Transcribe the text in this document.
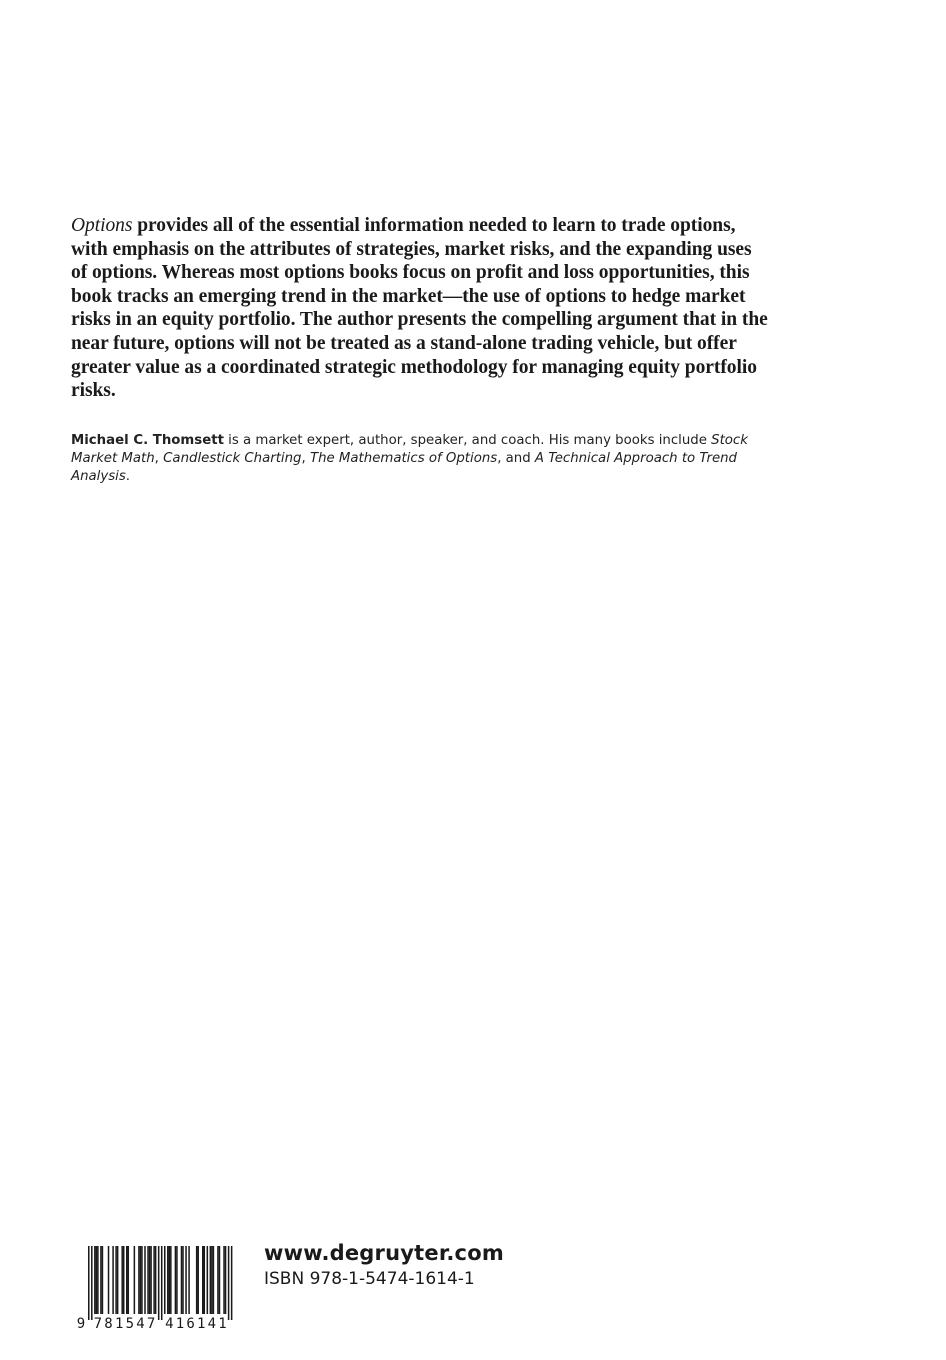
Options provides all of the essential information needed to learn to trade options, with emphasis on the attributes of strategies, market risks, and the expanding uses of options. Whereas most options books focus on profit and loss opportunities, this book tracks an emerging trend in the market—the use of options to hedge market risks in an equity portfolio. The author presents the compelling argument that in the near future, options will not be treated as a stand-alone trading vehicle, but offer greater value as a coordinated strategic methodology for managing equity portfolio risks.

Michael C. Thomsett is a market expert, author, speaker, and coach. His many books include Stock Market Math, Candlestick Charting, The Mathematics of Options, and A Technical Approach to Trend Analysis.

9 7 8 1 5 4 7 4 1 6 1 4 1

www.degruyter.com

ISBN 978-1-5474-1614-1
